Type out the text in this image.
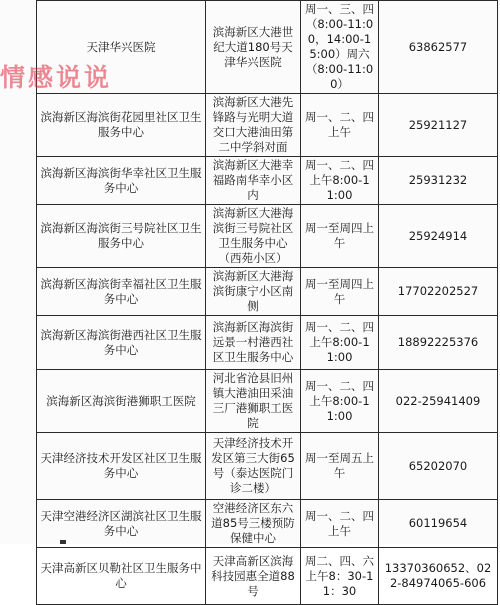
天津华兴医院	滨海新区大港世纪大道180号天津华兴医院	周一、三、四（8:00-11:00，14:00-15:00）周六（8:00-11:00）	63862577
滨海新区海滨街花园里社区卫生服务中心	滨海新区大港先锋路与光明大道交口大港油田第二中学斜对面	周一、二、四上午	25921127
滨海新区海滨街华幸社区卫生服务中心	滨海新区大港幸福路南华幸小区内	周一、二、四上午8:00-11:00	25931232
滨海新区海滨街三号院社区卫生服务中心	滨海新区大港海滨街三号院社区卫生服务中心（西苑小区）	周一至周四上午	25924914
滨海新区海滨街幸福社区卫生服务中心	滨海新区大港海滨街康宁小区南侧	周一至周四上午	17702202527
滨海新区海滨街港西社区卫生服务中心	滨海新区海滨街远景一村港西社区卫生服务中心	周一、二、四上午8:00-11:00	18892225376
滨海新区海滨街港狮职工医院	河北省沧县旧州镇大港油田采油三厂港狮职工医院	周一、二、四上午8:00-11:00	022-25941409
天津经济技术开发区社区卫生服务中心	天津经济技术开发区第三大街65号（泰达医院门诊二楼）	周一至周五上午	65202070
天津空港经济区湖滨社区卫生服务中心	空港经济区东六道85号三楼预防保健中心	周一、二、四上午	60119654
天津高新区贝勒社区卫生服务中心	天津高新区滨海科技园惠全道88号	周二、四、六上午8：30-11：30	13370360652、022-84974065-606
情感说说
